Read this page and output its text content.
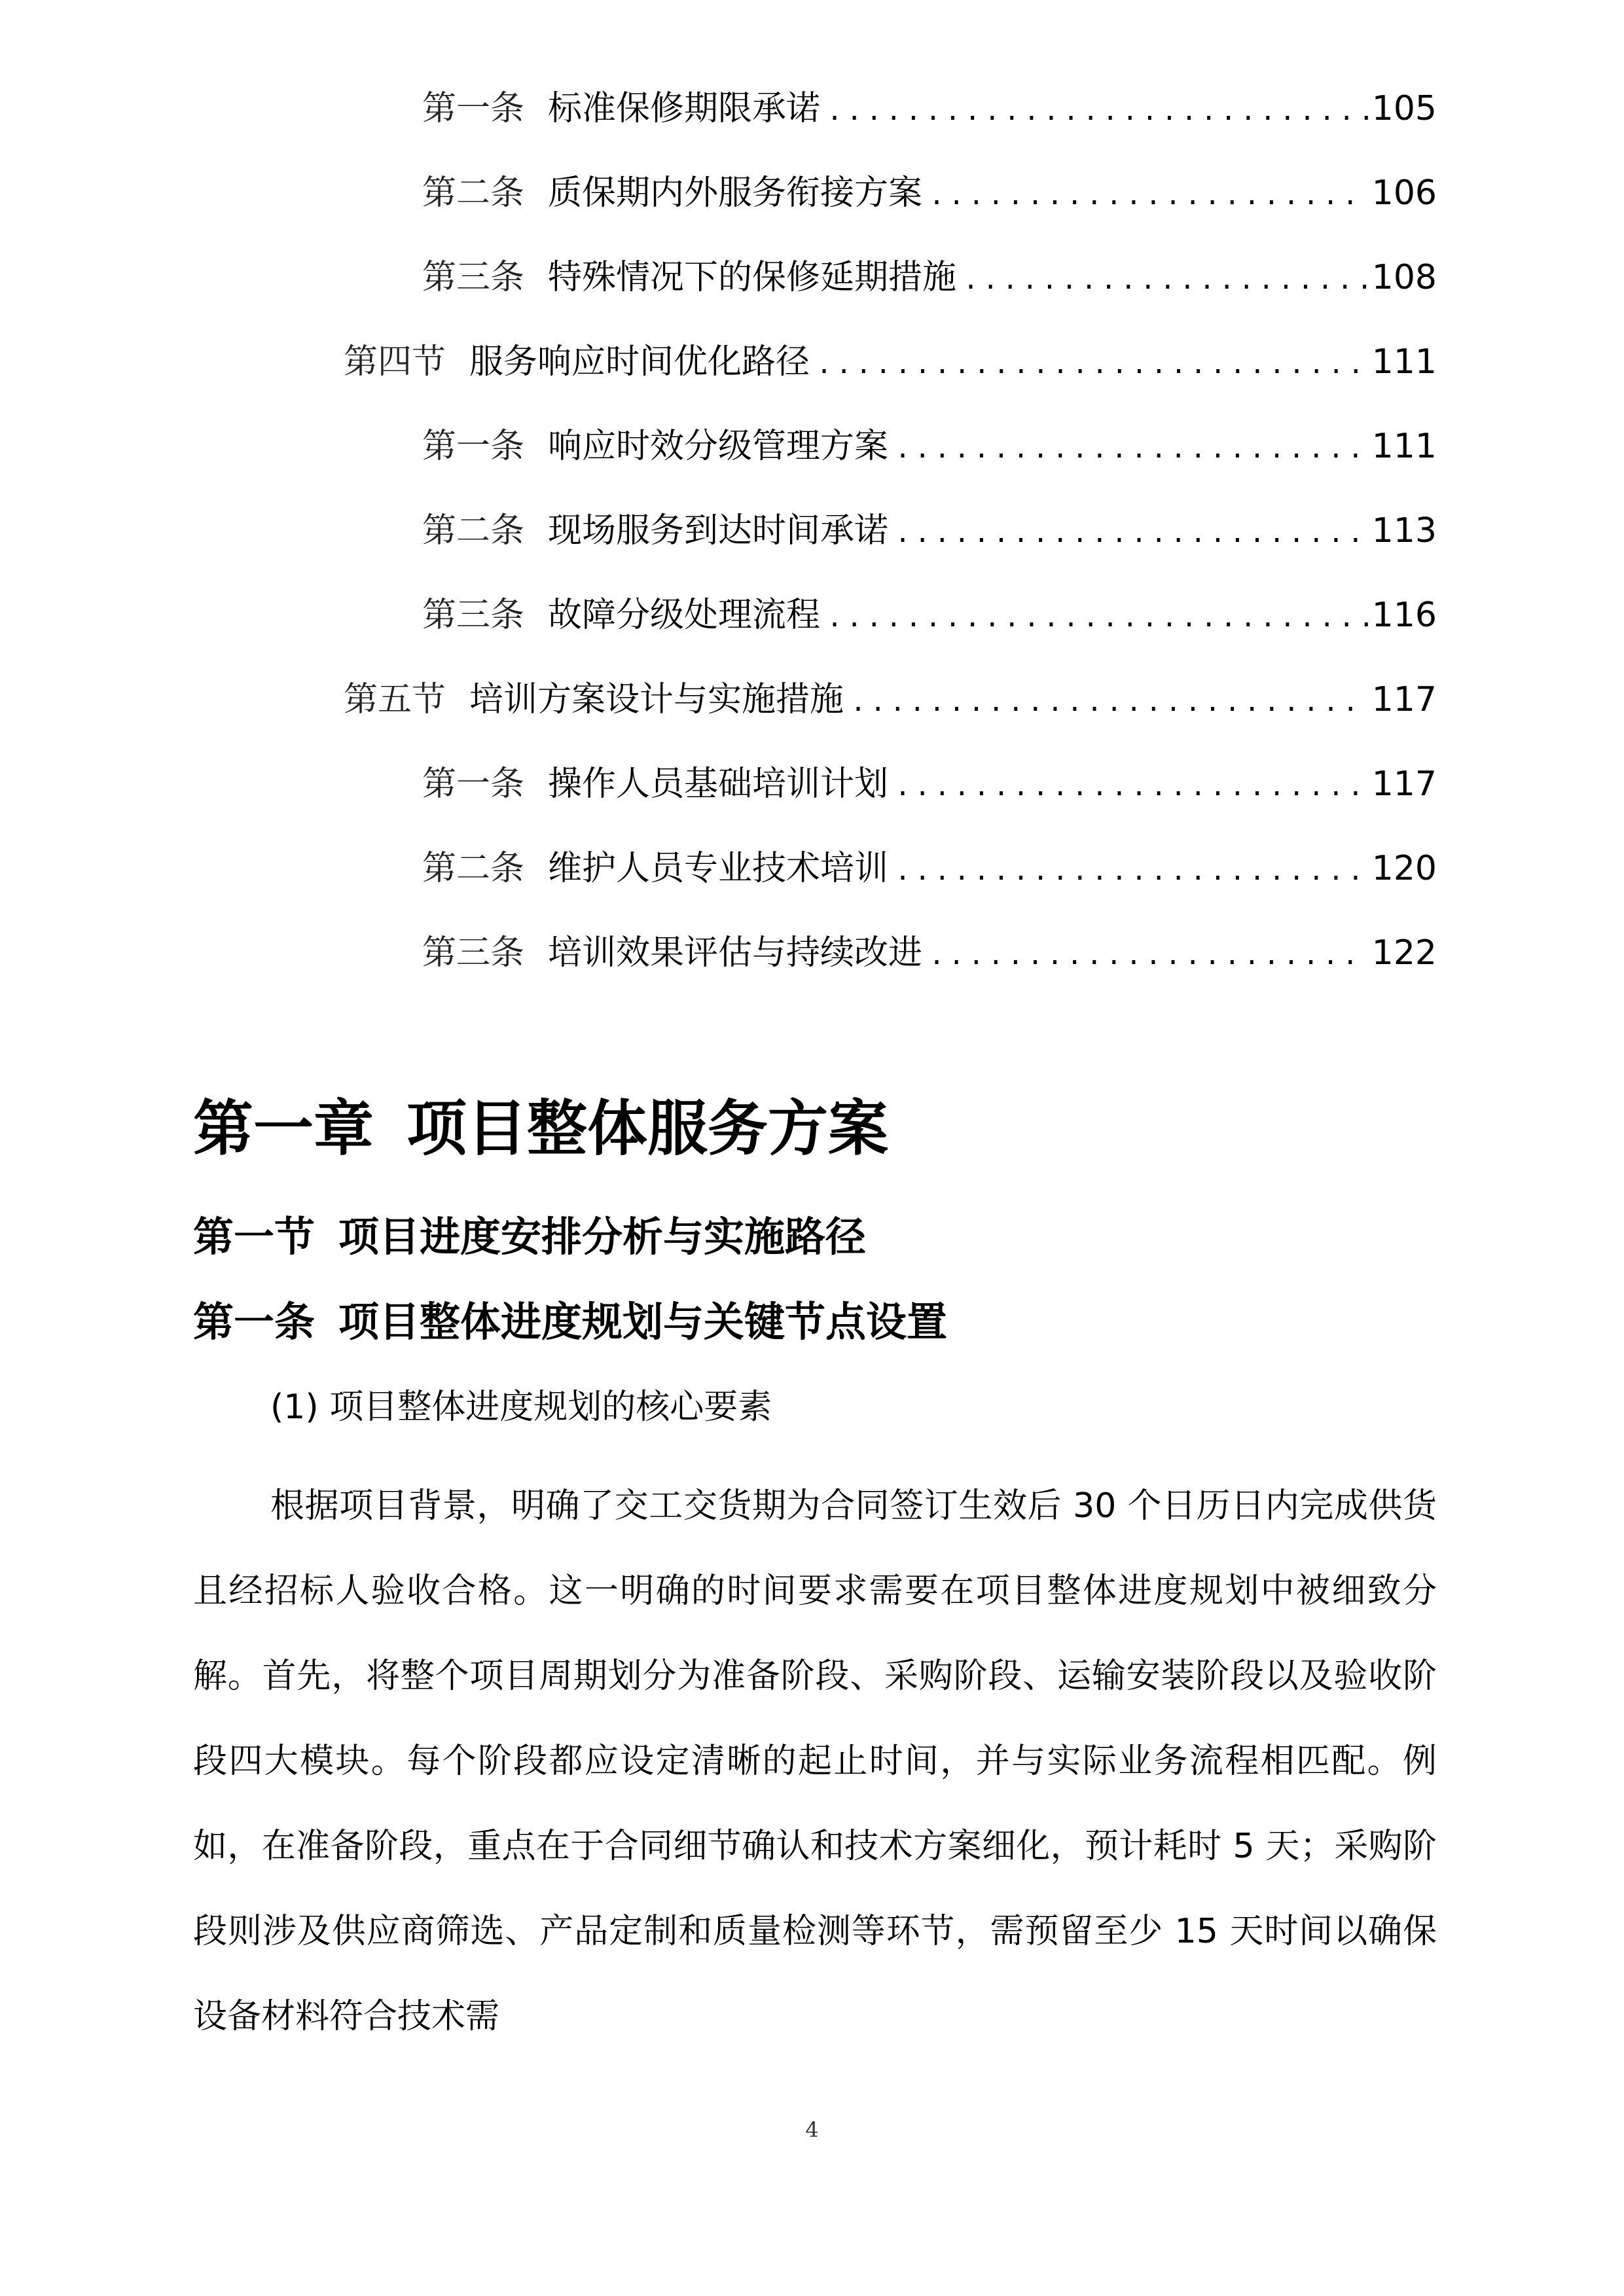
第一条 标准保修期限承诺 .....	105
第二条 质保期内外服务衔接方案 .....	106
第三条 特殊情况下的保修延期措施 .....	108
第四节 服务响应时间优化路径 .....	111
第一条 响应时效分级管理方案 .....	111
第二条 现场服务到达时间承诺 .....	113
第三条 故障分级处理流程 .....	116
第五节 培训方案设计与实施措施 .....	117
第一条 操作人员基础培训计划 .....	117
第二条 维护人员专业技术培训 .....	120
第三条 培训效果评估与持续改进 .....	122
第一章 项目整体服务方案
第一节 项目进度安排分析与实施路径
第一条 项目整体进度规划与关键节点设置
(1) 项目整体进度规划的核心要素

根据项目背景，明确了交工交货期为合同签订生效后 30 个日历日内完成供货且经招标人验收合格。这一明确的时间要求需要在项目整体进度规划中被细致分解。首先，将整个项目周期划分为准备阶段、采购阶段、运输安装阶段以及验收阶段四大模块。每个阶段都应设定清晰的起止时间，并与实际业务流程相匹配。例如，在准备阶段，重点在于合同细节确认和技术方案细化，预计耗时 5 天；采购阶段则涉及供应商筛选、产品定制和质量检测等环节，需预留至少 15 天时间以确保设备材料符合技术需

4
